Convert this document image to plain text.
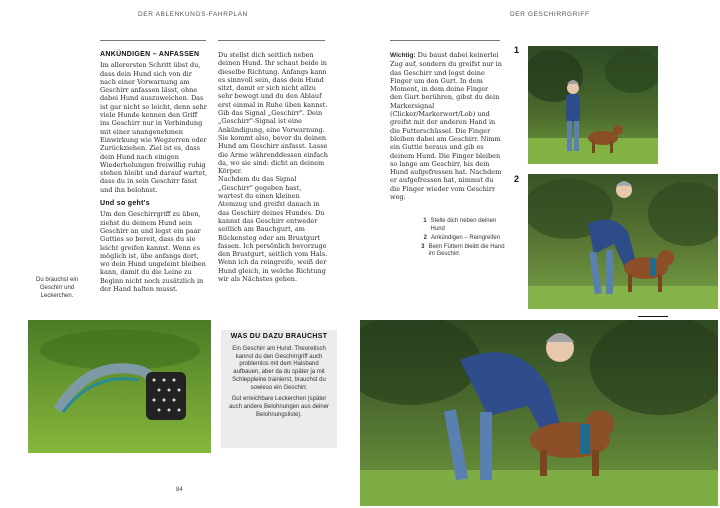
DER ABLENKUNGS-FAHRPLAN	DER GESCHIRRGRIFF
ANKÜNDIGEN – ANFASSEN

Im allerersten Schritt übst du, dass dein Hund sich von dir nach einer Vorwarnung am Geschirr anfassen lässt, ohne dabei Hund auszuweichen. Das ist gar nicht so leicht, denn sehr viele Hunde kennen den Griff ins Geschirr nur in Verbindung mit einer unangenehmen Einwirkung wie Wegzerren oder Zurückziehen. Ziel ist es, dass dein Hund nach einigen Wiederholungen freiwillig ruhig stehen bleibt und darauf wartet, dass du in sein Geschirr fasst und ihn belohnst.

Und so geht's

Um den Geschirrgriff zu üben, ziehst du deinem Hund sein Geschirr an und legst ein paar Gutties so bereit, dass du sie leicht greifen kannst. Wenn es möglich ist, übe anfangs dort, wo dein Hund ungeleint bleiben kann, damit du die Leine zu Beginn nicht noch zusätzlich in der Hand halten musst.

Du stellst dich seitlich neben deinen Hund. Ihr schaut beide in dieselbe Richtung. Anfangs kann es sinnvoll sein, dass dein Hund sitzt, damit er sich nicht allzu sehr bewegt und du den Ablauf erst einmal in Ruhe üben kannst.

Gib das Signal „Geschirr". Dein „Geschirr"-Signal ist eine Ankündigung, eine Vorwarnung. Sie kommt also, bevor du deinen Hund am Geschirr anfasst. Lasse die Arme währenddessen einfach da, wo sie sind: dicht an deinem Körper.

Nachdem du das Signal „Geschirr" gegeben hast, wartest du einen kleinen Atemzug und greifst danach in das Geschirr deines Hundes. Du kannst das Geschirr entweder seitlich am Bauchgurt, am Rückensteg oder am Brustgurt fassen. Ich persönlich bevorzuge den Brustgurt, seitlich vom Hals. Wenn ich da reingreife, weiß der Hund gleich, in welche Richtung wir als Nächstes gehen.

Wichtig: Du baust dabei keinerlei Zug auf, sondern du greifst nur in das Geschirr und legst deine Finger um den Gurt. In dem Moment, in dem deine Finger den Gurt berühren, gibst du dein Markersignal (Clicker/Markerwort/Lob) und greifst mit der anderen Hand in die Futterschüssel. Die Finger bleiben dabei am Geschirr. Nimm ein Guttie heraus und gib es deinem Hund. Die Finger bleiben so lange am Geschirr, bis dein Hund aufgefressen hat. Nachdem er aufgefressen hat, nimmst du die Finger wieder vom Geschirr weg.

Du brauchst ein Geschirr und Leckerchen.
1 Stelle dich neben deinen Hund
2 Ankündigen – Reingreifen
3 Beim Füttern bleibt die Hand im Geschirr.
1
2
WAS DU DAZU BRAUCHST
Ein Geschirr am Hund. Theoretisch kannst du den Geschirrgriff auch problemlos mit dem Halsband aufbauen, aber da du später ja mit Schleppleine trainierst, brauchst du sowieso ein Geschirr.
Gut erreichbare Leckerchen (später auch andere Belohnungen aus deiner Belohnungsliste).
84
